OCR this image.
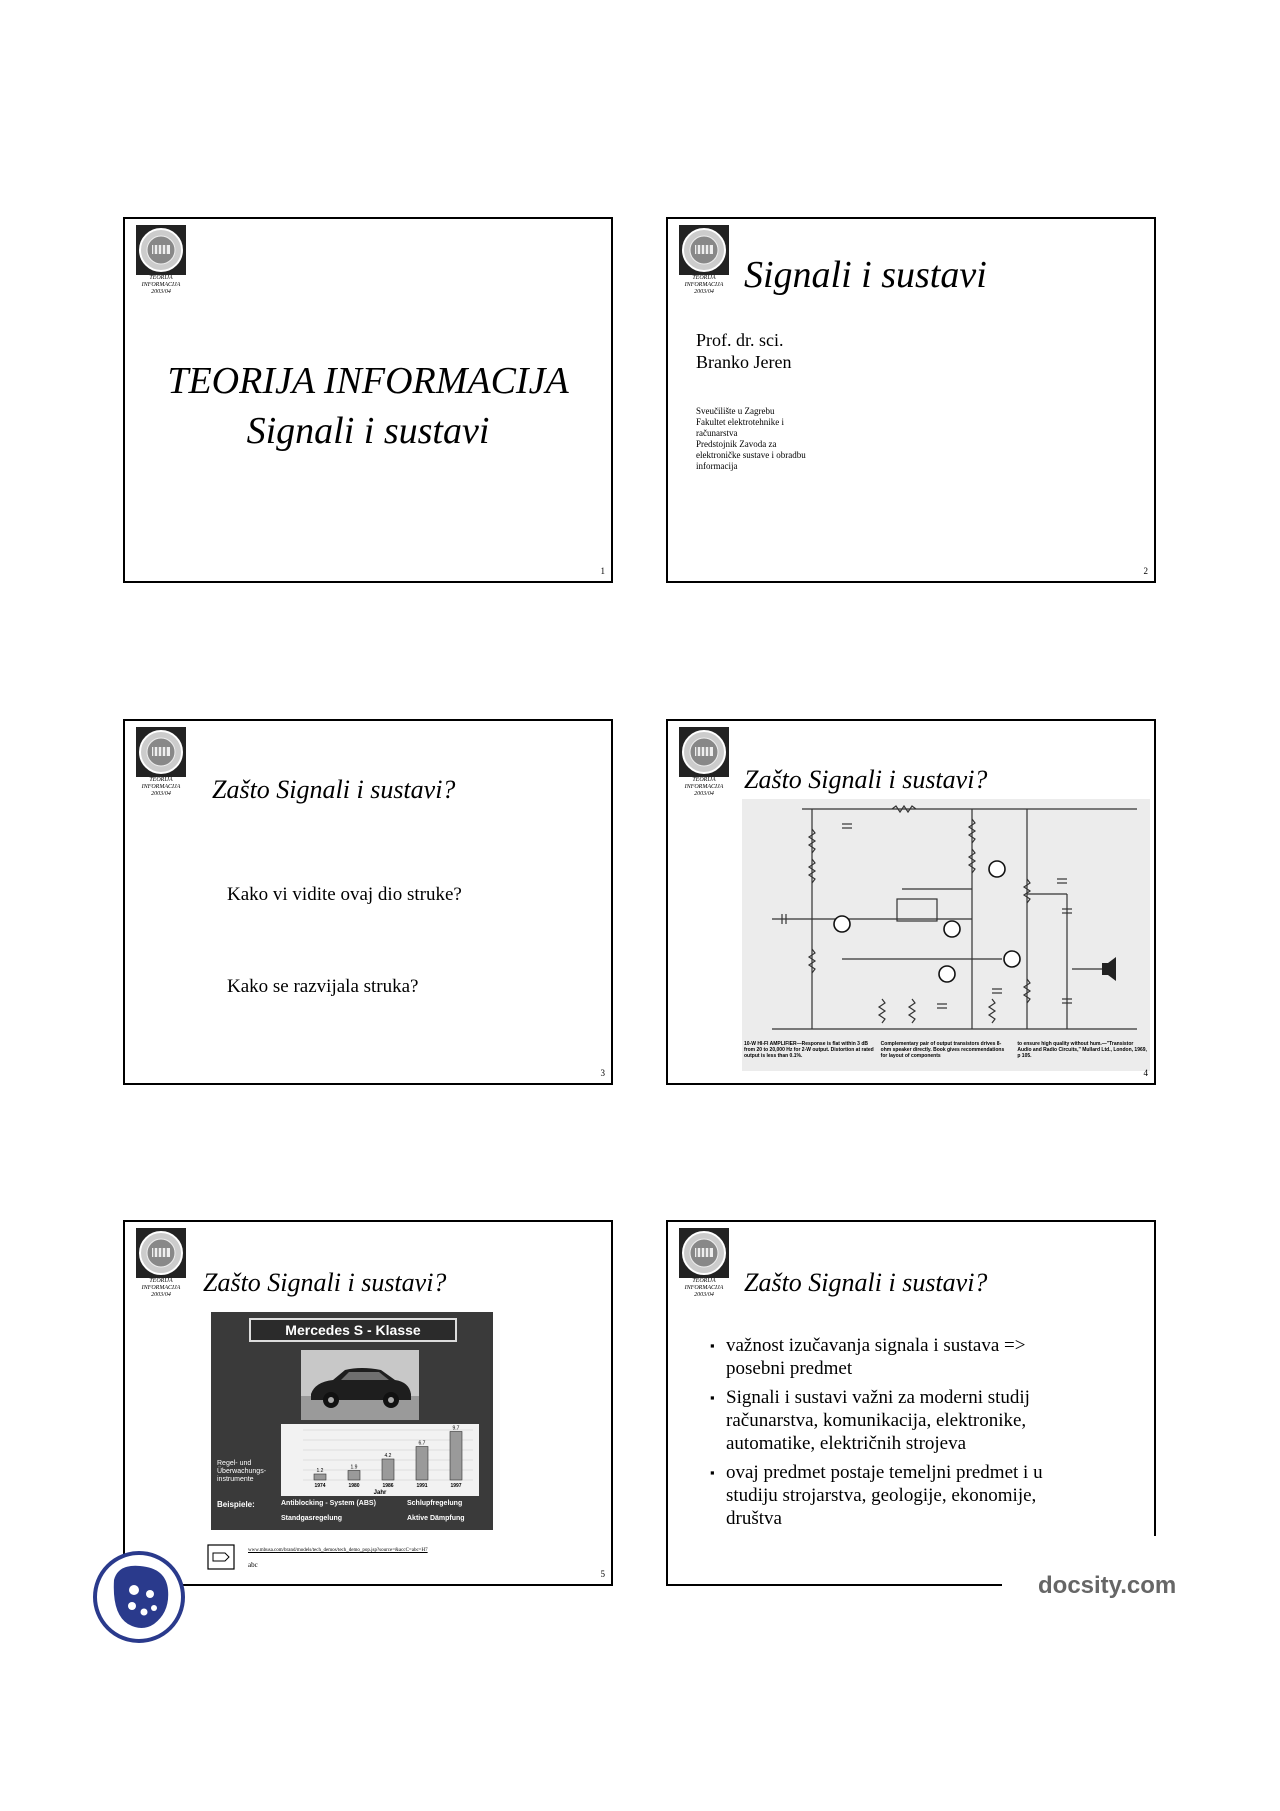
TEORIJA
INFORMACIJA
2003/04
TEORIJA INFORMACIJA
Signali i sustavi
1
TEORIJA
INFORMACIJA
2003/04 Signali i sustavi
Prof. dr. sci.
Branko Jeren
Sveučilište u Zagrebu
Fakultet elektrotehnike i
računarstva
Predstojnik Zavoda za
elektroničke sustave i obradbu
informacija
2
TEORIJA
INFORMACIJA
2003/04	Zašto Signali i sustavi?
Kako vi vidite ovaj dio struke?
Kako se razvijala struka?
3
TEORIJA
INFORMACIJA
2003/04	Zašto Signali i sustavi?
10-W HI-FI AMPLIFIER—Response is flat within 3 dB from 20 to 20,000 Hz for 2-W output. Distortion at rated output is less than 0.1%.
Complementary pair of output transistors drives 8-ohm speaker directly. Book gives recommendations for layout of components
to ensure high quality without hum.—"Transistor Audio and Radio Circuits," Mullard Ltd., London, 1969, p 105.
4
TEORIJA
INFORMACIJA
2003/04	Zašto Signali i sustavi?
Mercedes S - Klasse
Regel- und
Überwachungs-
instrumente
1.2
1974
1.9
1980
4.2
1986
6.7
1991
9.7
1997
Jahr
Beispiele:	Antiblocking - System (ABS)	Schlupfregelung
Standgasregelung	Aktive Dämpfung
www.mbusa.com/brand/models/tech_demos/tech_demo_pop.jsp?source=&accC=abc=H7
abc
5
TEORIJA
INFORMACIJA
2003/04	Zašto Signali i sustavi?
▪ važnost izučavanja signala i sustava =>
posebni predmet
▪ Signali i sustavi važni za moderni studij
računarstva, komunikacija, elektronike,
automatike, električnih strojeva
▪ ovaj predmet postaje temeljni predmet i u
studiju strojarstva, geologije, ekonomije,
društva
docsity.com
